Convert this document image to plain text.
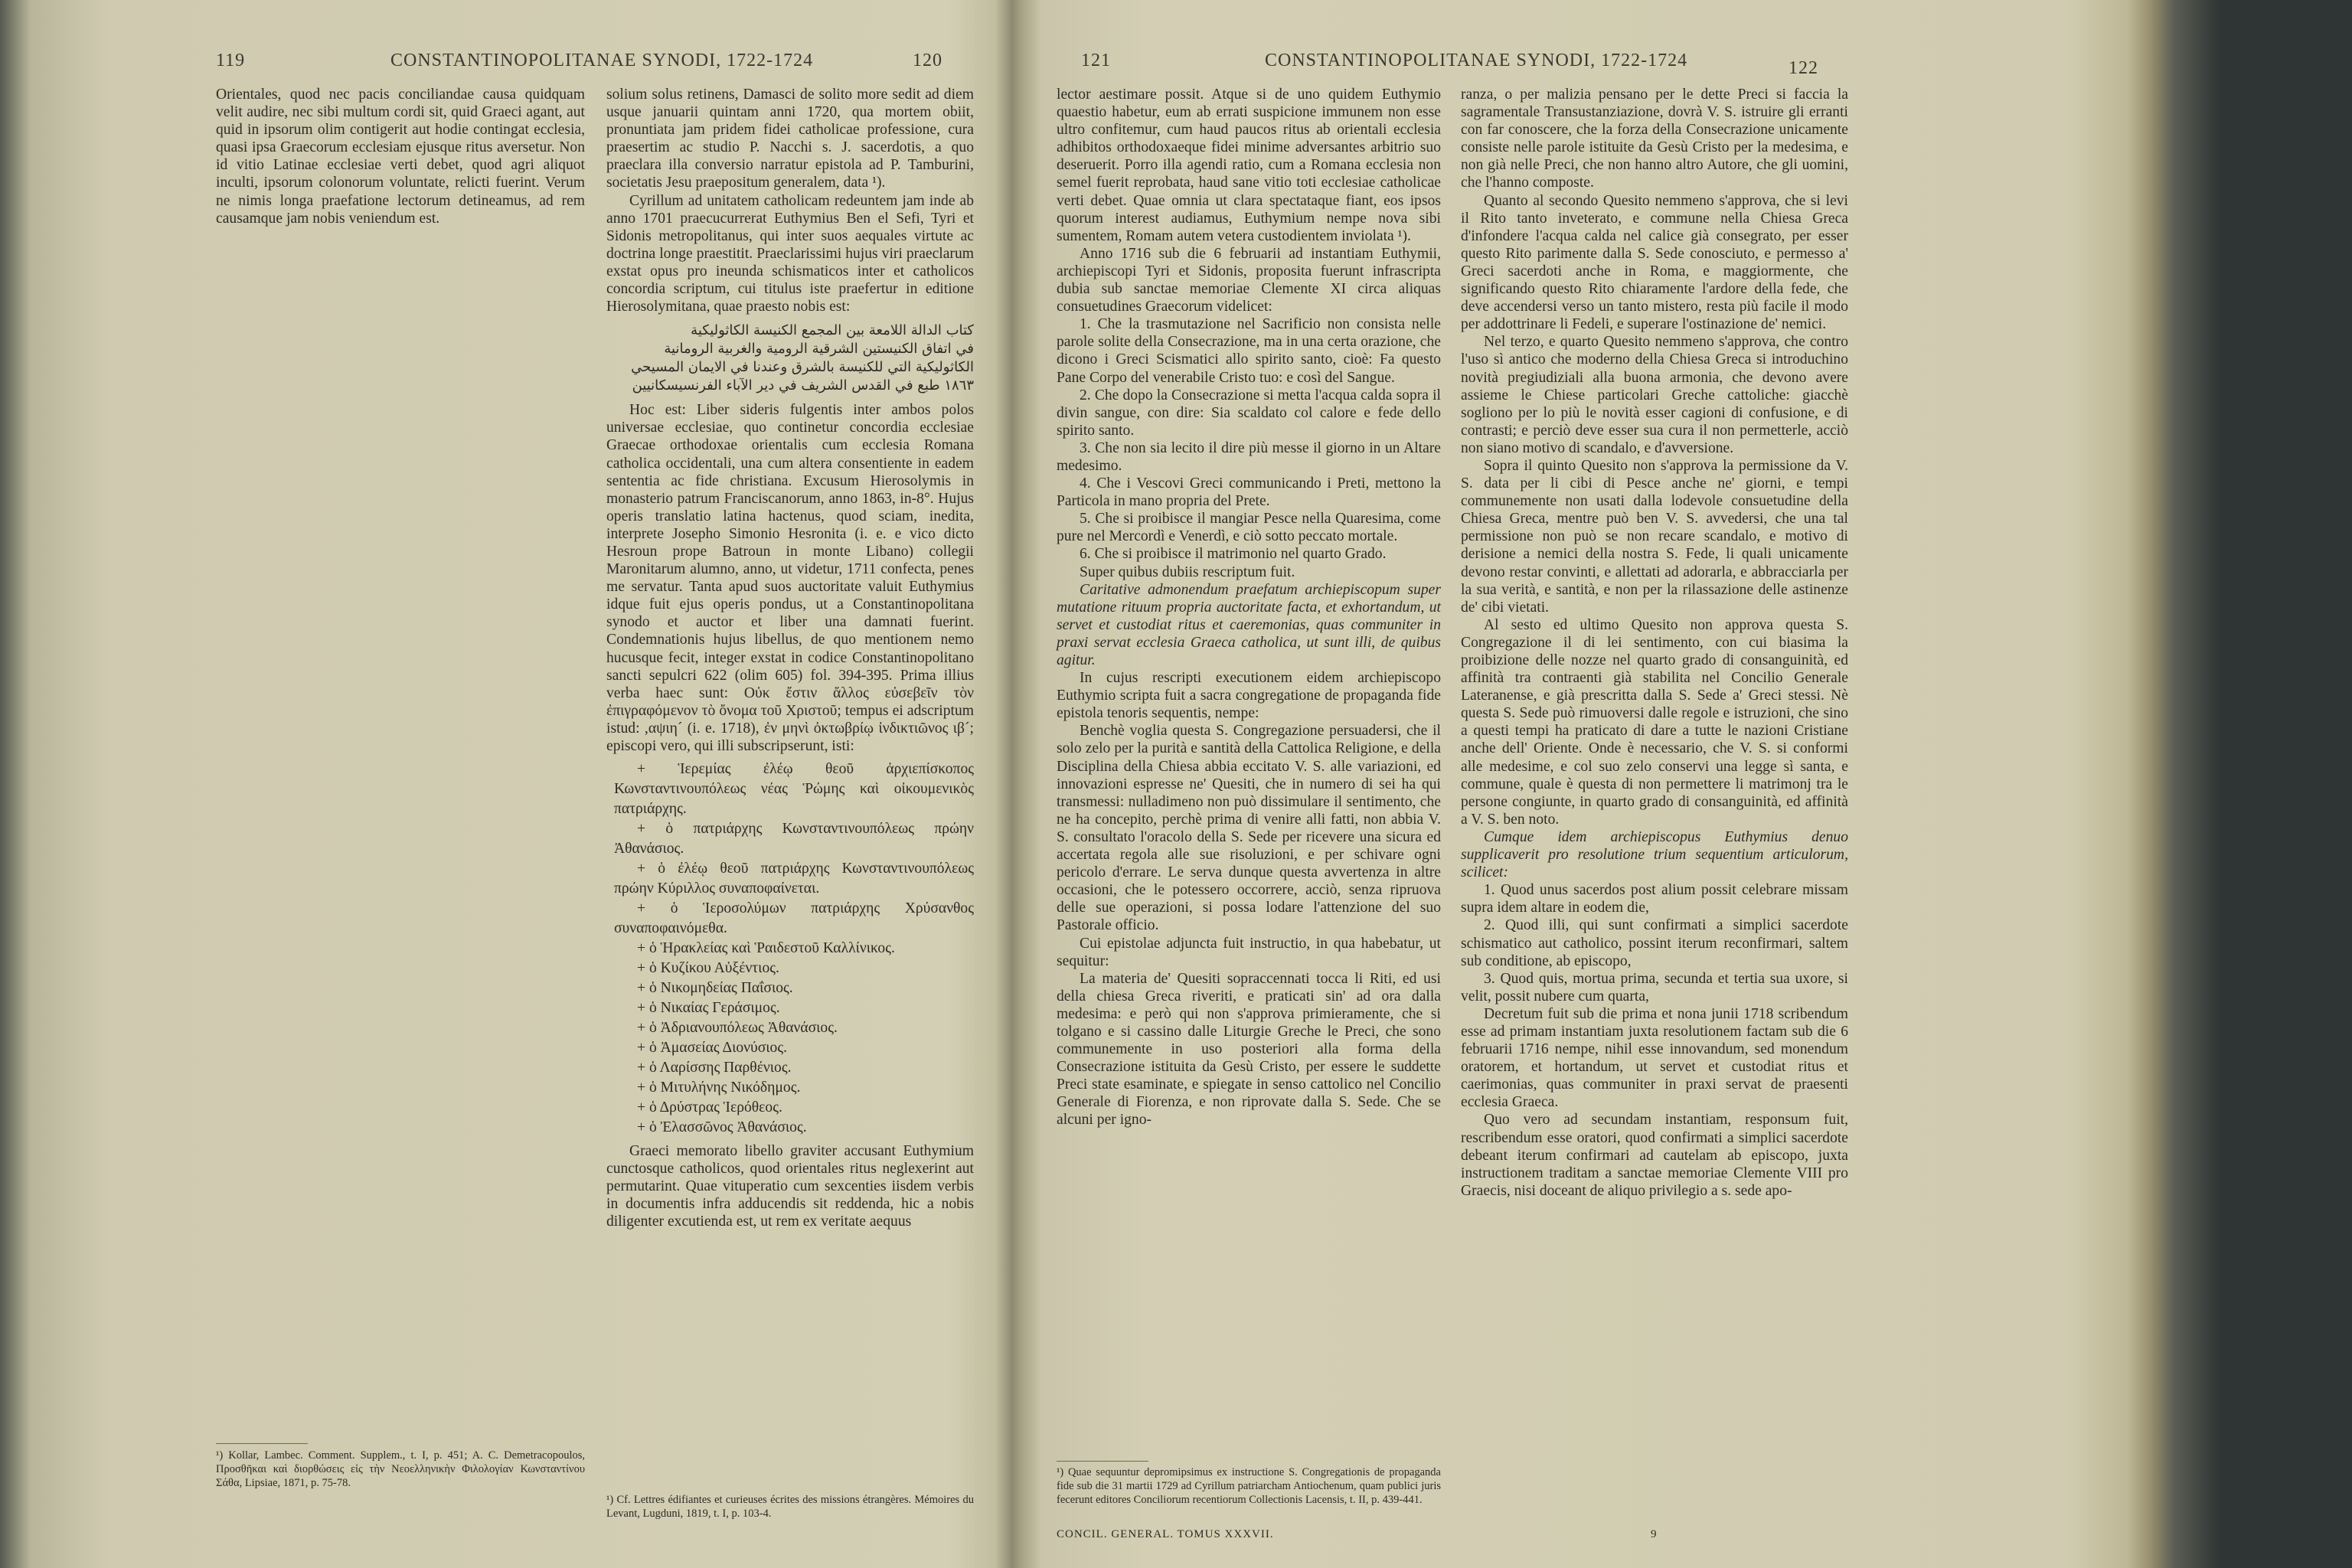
119	CONSTANTINOPOLITANAE SYNODI, 1722-1724	120

Orientales, quod nec pacis conciliandae causa quidquam velit audire, nec sibi multum cordi sit, quid Graeci agant, aut quid in ipsorum olim contigerit aut hodie contingat ecclesia, quasi ipsa Graecorum ecclesiam ejusque ritus aversetur. Non id vitio Latinae ecclesiae verti debet, quod agri aliquot inculti, ipsorum colonorum voluntate, relicti fuerint. Verum ne nimis longa praefatione lectorum detineamus, ad rem causamque jam nobis veniendum est.

solium solus retinens, Damasci de solito more sedit ad diem usque januarii quintam anni 1720, qua mortem obiit, pronuntiata jam pridem fidei catholicae professione, cura praesertim ac studio P. Nacchi s. J. sacerdotis, a quo praeclara illa conversio narratur epistola ad P. Tamburini, societatis Jesu praepositum generalem, data ¹).

Cyrillum ad unitatem catholicam redeuntem jam inde ab anno 1701 praecucurrerat Euthymius Ben el Sefi, Tyri et Sidonis metropolitanus, qui inter suos aequales virtute ac doctrina longe praestitit. Praeclarissimi hujus viri praeclarum exstat opus pro ineunda schismaticos inter et catholicos concordia scriptum, cui titulus iste praefertur in editione Hierosolymitana, quae praesto nobis est:

كتاب الدالة اللامعة بين المجمع الكنيسة الكاثوليكية
في اتفاق الكنيستين الشرقية الرومية والغربية الرومانية
الكاثوليكية التي للكنيسة بالشرق وعندنا في الايمان المسيحي
١٨٦٣ طبع في القدس الشريف في دير الآباء الفرنسيسكانيين

Hoc est: Liber sideris fulgentis inter ambos polos universae ecclesiae, quo continetur concordia ecclesiae Graecae orthodoxae orientalis cum ecclesia Romana catholica occidentali, una cum altera consentiente in eadem sententia ac fide christiana. Excusum Hierosolymis in monasterio patrum Franciscanorum, anno 1863, in-8°. Hujus operis translatio latina hactenus, quod sciam, inedita, interprete Josepho Simonio Hesronita (i. e. e vico dicto Hesroun prope Batroun in monte Libano) collegii Maronitarum alumno, anno, ut videtur, 1711 confecta, penes me servatur. Tanta apud suos auctoritate valuit Euthymius idque fuit ejus operis pondus, ut a Constantinopolitana synodo et auctor et liber una damnati fuerint. Condemnationis hujus libellus, de quo mentionem nemo hucusque fecit, integer exstat in codice Constantinopolitano sancti sepulcri 622 (olim 605) fol. 394-395. Prima illius verba haec sunt: Οὐκ ἔστιν ἄλλος εὐσεβεῖν τὸν ἐπιγραφόμενον τὸ ὄνομα τοῦ Χριστοῦ; tempus ei adscriptum istud: ,αψιη´ (i. e. 1718), ἐν μηνὶ ὀκτωβρίῳ ἰνδικτιῶνος ιβ´; episcopi vero, qui illi subscripserunt, isti:

+ Ἱερεμίας ἐλέῳ θεοῦ ἀρχιεπίσκοπος Κωνσταντινουπόλεως νέας Ῥώμης καὶ οἰκουμενικὸς πατριάρχης.

+ ὁ πατριάρχης Κωνσταντινουπόλεως πρώην Ἀθανάσιος.

+ ὁ ἐλέῳ θεοῦ πατριάρχης Κωνσταντινουπόλεως πρώην Κύριλλος συναποφαίνεται.

+ ὁ Ἱεροσολύμων πατριάρχης Χρύσανθος συναποφαινόμεθα.

+ ὁ Ἡρακλείας καὶ Ῥαιδεστοῦ Καλλίνικος.

+ ὁ Κυζίκου Αὐξέντιος.

+ ὁ Νικομηδείας Παΐσιος.

+ ὁ Νικαίας Γεράσιμος.

+ ὁ Ἀδριανουπόλεως Ἀθανάσιος.

+ ὁ Ἀμασείας Διονύσιος.

+ ὁ Λαρίσσης Παρθένιος.

+ ὁ Μιτυλήνης Νικόδημος.

+ ὁ Δρύστρας Ἱερόθεος.

+ ὁ Ἐλασσῶνος Ἀθανάσιος.

Graeci memorato libello graviter accusant Euthymium cunctosque catholicos, quod orientales ritus neglexerint aut permutarint. Quae vituperatio cum sexcenties iisdem verbis in documentis infra adducendis sit reddenda, hic a nobis diligenter excutienda est, ut rem ex veritate aequus

¹) Kollar, Lambec. Comment. Supplem., t. I, p. 451; A. C. Demetracopoulos, Προσθῆκαι καὶ διορθώσεις εἰς τὴν Νεοελληνικὴν Φιλολογίαν Κωνσταντίνου Σάθα, Lipsiae, 1871, p. 75-78.
¹) Cf. Lettres édifiantes et curieuses écrites des missions étrangères. Mémoires du Levant, Lugduni, 1819, t. I, p. 103-4.
121	CONSTANTINOPOLITANAE SYNODI, 1722-1724	122

lector aestimare possit. Atque si de uno quidem Euthymio quaestio habetur, eum ab errati suspicione immunem non esse ultro confitemur, cum haud paucos ritus ab orientali ecclesia adhibitos orthodoxaeque fidei minime adversantes arbitrio suo deseruerit. Porro illa agendi ratio, cum a Romana ecclesia non semel fuerit reprobata, haud sane vitio toti ecclesiae catholicae verti debet. Quae omnia ut clara spectataque fiant, eos ipsos quorum interest audiamus, Euthymium nempe nova sibi sumentem, Romam autem vetera custodientem inviolata ¹).

Anno 1716 sub die 6 februarii ad instantiam Euthymii, archiepiscopi Tyri et Sidonis, proposita fuerunt infrascripta dubia sub sanctae memoriae Clemente XI circa aliquas consuetudines Graecorum videlicet:

1. Che la trasmutazione nel Sacrificio non consista nelle parole solite della Consecrazione, ma in una certa orazione, che dicono i Greci Scismatici allo spirito santo, cioè: Fa questo Pane Corpo del venerabile Cristo tuo: e così del Sangue.

2. Che dopo la Consecrazione si metta l'acqua calda sopra il divin sangue, con dire: Sia scaldato col calore e fede dello spirito santo.

3. Che non sia lecito il dire più messe il giorno in un Altare medesimo.

4. Che i Vescovi Greci communicando i Preti, mettono la Particola in mano propria del Prete.

5. Che si proibisce il mangiar Pesce nella Quaresima, come pure nel Mercordì e Venerdì, e ciò sotto peccato mortale.

6. Che si proibisce il matrimonio nel quarto Grado.

Super quibus dubiis rescriptum fuit.

Caritative admonendum praefatum archiepiscopum super mutatione rituum propria auctoritate facta, et exhortandum, ut servet et custodiat ritus et caeremonias, quas communiter in praxi servat ecclesia Graeca catholica, ut sunt illi, de quibus agitur.

In cujus rescripti executionem eidem archiepiscopo Euthymio scripta fuit a sacra congregatione de propaganda fide epistola tenoris sequentis, nempe:

Benchè voglia questa S. Congregazione persuadersi, che il solo zelo per la purità e santità della Cattolica Religione, e della Disciplina della Chiesa abbia eccitato V. S. alle variazioni, ed innovazioni espresse ne' Quesiti, che in numero di sei ha qui transmessi: nulladimeno non può dissimulare il sentimento, che ne ha concepito, perchè prima di venire alli fatti, non abbia V. S. consultato l'oracolo della S. Sede per ricevere una sicura ed accertata regola alle sue risoluzioni, e per schivare ogni pericolo d'errare. Le serva dunque questa avvertenza in altre occasioni, che le potessero occorrere, acciò, senza ripruova delle sue operazioni, si possa lodare l'attenzione del suo Pastorale officio.

Cui epistolae adjuncta fuit instructio, in qua habebatur, ut sequitur:

La materia de' Quesiti sopraccennati tocca li Riti, ed usi della chiesa Greca riveriti, e praticati sin' ad ora dalla medesima: e però qui non s'approva primieramente, che si tolgano e si cassino dalle Liturgie Greche le Preci, che sono communemente in uso posteriori alla forma della Consecrazione istituita da Gesù Cristo, per essere le suddette Preci state esaminate, e spiegate in senso cattolico nel Concilio Generale di Fiorenza, e non riprovate dalla S. Sede. Che se alcuni per igno-

ranza, o per malizia pensano per le dette Preci si faccia la sagramentale Transustanziazione, dovrà V. S. istruire gli erranti con far conoscere, che la forza della Consecrazione unicamente consiste nelle parole istituite da Gesù Cristo per la medesima, e non già nelle Preci, che non hanno altro Autore, che gli uomini, che l'hanno composte.

Quanto al secondo Quesito nemmeno s'approva, che si levi il Rito tanto inveterato, e commune nella Chiesa Greca d'infondere l'acqua calda nel calice già consegrato, per esser questo Rito parimente dalla S. Sede conosciuto, e permesso a' Greci sacerdoti anche in Roma, e maggiormente, che significando questo Rito chiaramente l'ardore della fede, che deve accendersi verso un tanto mistero, resta più facile il modo per addottrinare li Fedeli, e superare l'ostinazione de' nemici.

Nel terzo, e quarto Quesito nemmeno s'approva, che contro l'uso sì antico che moderno della Chiesa Greca si introduchino novità pregiudiziali alla buona armonia, che devono avere assieme le Chiese particolari Greche cattoliche: giacchè sogliono per lo più le novità esser cagioni di confusione, e di contrasti; e perciò deve esser sua cura il non permetterle, acciò non siano motivo di scandalo, e d'avversione.

Sopra il quinto Quesito non s'approva la permissione da V. S. data per li cibi di Pesce anche ne' giorni, e tempi communemente non usati dalla lodevole consuetudine della Chiesa Greca, mentre può ben V. S. avvedersi, che una tal permissione non può se non recare scandalo, e motivo di derisione a nemici della nostra S. Fede, li quali unicamente devono restar convinti, e allettati ad adorarla, e abbracciarla per la sua verità, e santità, e non per la rilassazione delle astinenze de' cibi vietati.

Al sesto ed ultimo Quesito non approva questa S. Congregazione il di lei sentimento, con cui biasima la proibizione delle nozze nel quarto grado di consanguinità, ed affinità tra contraenti già stabilita nel Concilio Generale Lateranense, e già prescritta dalla S. Sede a' Greci stessi. Nè questa S. Sede può rimuoversi dalle regole e istruzioni, che sino a questi tempi ha praticato di dare a tutte le nazioni Cristiane anche dell' Oriente. Onde è necessario, che V. S. si conformi alle medesime, e col suo zelo conservi una legge sì santa, e commune, quale è questa di non permettere li matrimonj tra le persone congiunte, in quarto grado di consanguinità, ed affinità a V. S. ben noto.

Cumque idem archiepiscopus Euthymius denuo supplicaverit pro resolutione trium sequentium articulorum, scilicet:

1. Quod unus sacerdos post alium possit celebrare missam supra idem altare in eodem die,

2. Quod illi, qui sunt confirmati a simplici sacerdote schismatico aut catholico, possint iterum reconfirmari, saltem sub conditione, ab episcopo,

3. Quod quis, mortua prima, secunda et tertia sua uxore, si velit, possit nubere cum quarta,

Decretum fuit sub die prima et nona junii 1718 scribendum esse ad primam instantiam juxta resolutionem factam sub die 6 februarii 1716 nempe, nihil esse innovandum, sed monendum oratorem, et hortandum, ut servet et custodiat ritus et caerimonias, quas communiter in praxi servat de praesenti ecclesia Graeca.

Quo vero ad secundam instantiam, responsum fuit, rescribendum esse oratori, quod confirmati a simplici sacerdote debeant iterum confirmari ad cautelam ab episcopo, juxta instructionem traditam a sanctae memoriae Clemente VIII pro Graecis, nisi doceant de aliquo privilegio a s. sede apo-

¹) Quae sequuntur depromipsimus ex instructione S. Congregationis de propaganda fide sub die 31 martii 1729 ad Cyrillum patriarcham Antiochenum, quam publici juris fecerunt editores Conciliorum recentiorum Collectionis Lacensis, t. II, p. 439-441.
CONCIL. GENERAL. TOMUS XXXVII.	9
